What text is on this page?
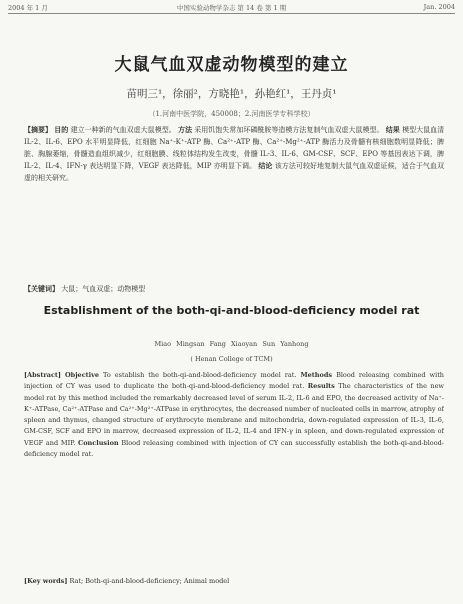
2004 年 1 月	中国实验动物学杂志 第 14 卷 第 1 期	Jan. 2004
大鼠气血双虚动物模型的建立
苗明三¹，徐丽²，方晓艳¹，孙艳红¹，王丹贞¹
（1.河南中医学院，450008；2.河南医学专科学校）
【摘要】 目的 建立一种新的气血双虚大鼠模型。 方法 采用饥饱失常加环磷酰胺等造模方法复制气血双虚大鼠模型。 结果 模型大鼠血清 IL-2、IL-6、EPO 水平明显降低，红细胞 Na⁺-K⁺-ATP 酶、Ca²⁺-ATP 酶、Ca²⁺-Mg²⁺-ATP 酶活力及骨髓有核细胞数明显降低；脾脏、胸腺萎缩，骨髓造血组织减少，红细胞膜、线粒体结构发生改变，骨髓 IL-3、IL-6、GM-CSF、SCF、EPO 等基因表达下调，脾 IL-2、IL-4、IFN-γ 表达明显下降，VEGF 表达降低，MIP 亦明显下调。 结论 该方法可较好地复制大鼠气血双虚证候，适合于气血双虚的相关研究。
【关键词】 大鼠；气血双虚；动物模型
Establishment of the both-qi-and-blood-deficiency model rat
Miao Mingsan Fang Xiaoyan Sun Yanhong
( Henan College of TCM)
[Abstract] Objective To establish the both-qi-and-blood-deficiency model rat. Methods Blood releasing combined with injection of CY was used to duplicate the both-qi-and-blood-deficiency model rat. Results The characteristics of the new model rat by this method included the remarkably decreased level of serum IL-2, IL-6 and EPO, the decreased activity of Na⁺-K⁺-ATPase, Ca²⁺-ATPase and Ca²⁺-Mg²⁺-ATPase in erythrocytes, the decreased number of nucleated cells in marrow, atrophy of spleen and thymus, changed structure of erythrocyte membrane and mitochondria, down-regulated expression of IL-3, IL-6, GM-CSF, SCF and EPO in marrow, decreased expression of IL-2, IL-4 and IFN-γ in spleen, and down-regulated expression of VEGF and MIP. Conclusion Blood releasing combined with injection of CY can successfully establish the both-qi-and-blood-deficiency model rat.
[Key words] Rat; Both-qi-and-blood-deficiency; Animal model
